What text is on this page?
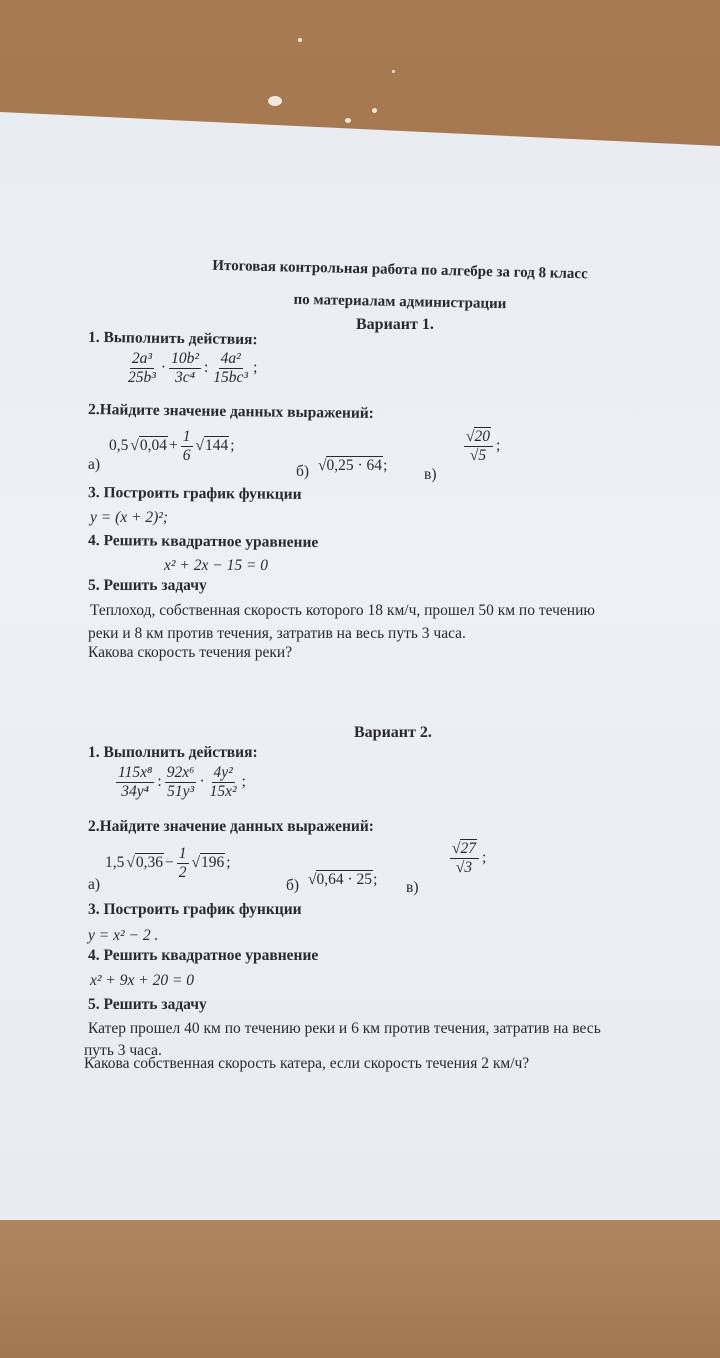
Итоговая контрольная работа по алгебре за год 8 класс
по материалам администрации
Вариант 1.
1. Выполнить действия:
$\frac{\text{2a³}}{\text{25b³}} \cdot \frac{\text{10b²}}{\text{3c⁴}}$ : $\frac{\text{4a²}}{\text{15bc³}}$ ;
2.Найдите значение данных выражений:
а)
0,5 $√0,04 + \frac{1}{6} √144$ ;
б) √0,25 · 64;
в)
$\frac{√20}{√5}$ ;
3. Построить график функции
y = (x + 2)²;
4. Решить квадратное уравнение
x² + 2x − 15 = 0
5. Решить задачу
Теплоход, собственная скорость которого 18 км/ч, прошел 50 км по течению
реки и 8 км против течения, затратив на весь путь 3 часа.
Какова скорость течения реки?
Вариант 2.
1. Выполнить действия:
$\frac{\text{115x⁸}}{\text{34y⁴}}$ : $\frac{\text{92x⁶}}{\text{51y³}} \cdot \frac{\text{4y²}}{\text{15x²}}$ ;
2.Найдите значение данных выражений:
а)
1,5 $√0,36 - \frac{1}{2} √196$ ;
б) √0,64 · 25; в)
$\frac{√27}{√3}$ ;
3. Построить график функции
y = x² − 2 .
4. Решить квадратное уравнение
x² + 9x + 20 = 0
5. Решить задачу
Катер прошел 40 км по течению реки и 6 км против течения, затратив на весь
путь 3 часа.
Какова собственная скорость катера, если скорость течения 2 км/ч?
